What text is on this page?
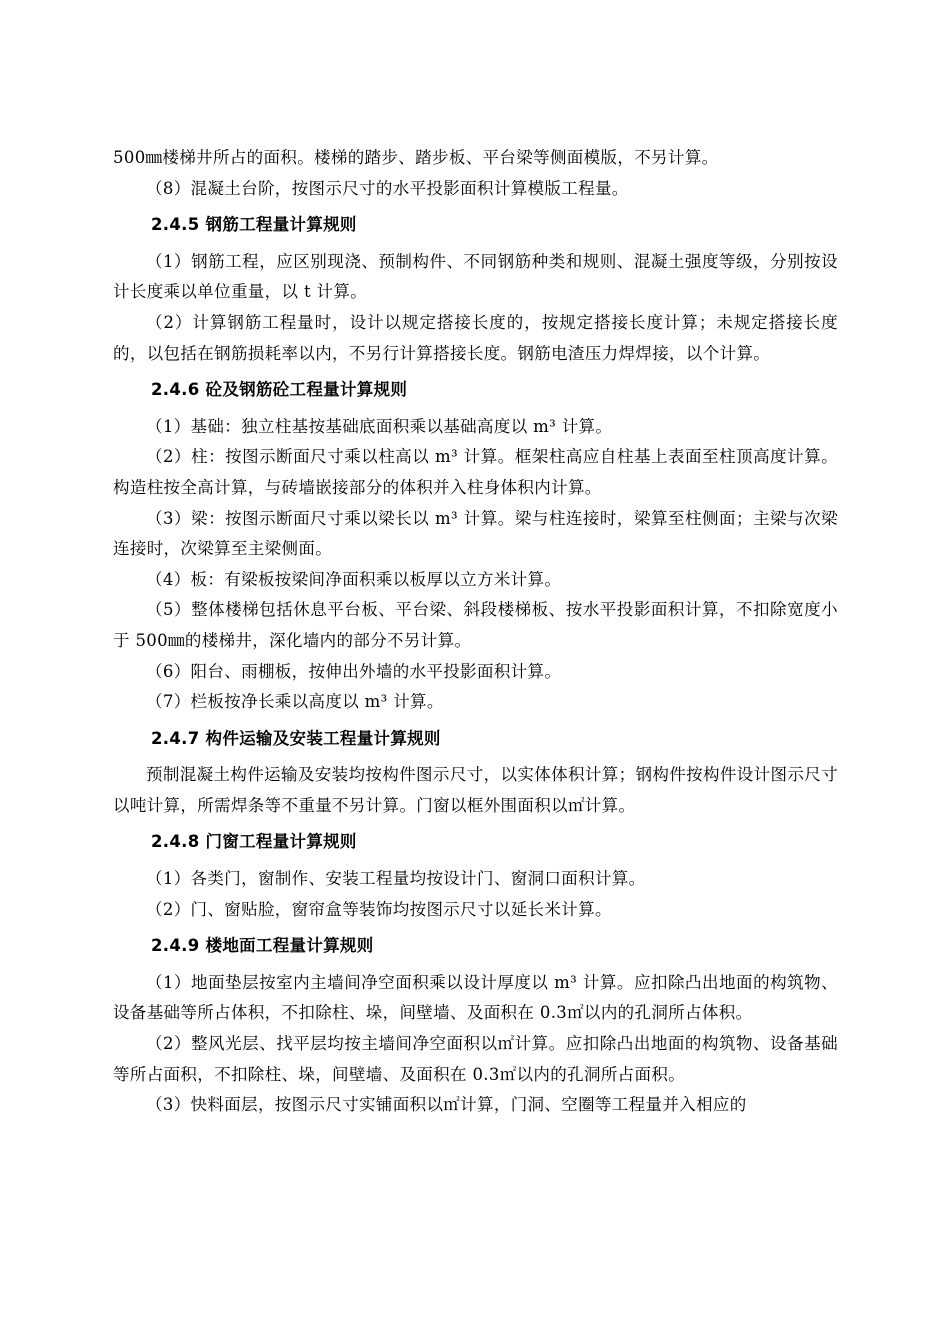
500㎜楼梯井所占的面积。楼梯的踏步、踏步板、平台梁等侧面模版，不另计算。

（8）混凝土台阶，按图示尺寸的水平投影面积计算模版工程量。

2.4.5 钢筋工程量计算规则

（1）钢筋工程，应区别现浇、预制构件、不同钢筋种类和规则、混凝土强度等级，分别按设计长度乘以单位重量，以 t 计算。

（2）计算钢筋工程量时，设计以规定搭接长度的，按规定搭接长度计算；未规定搭接长度的，以包括在钢筋损耗率以内，不另行计算搭接长度。钢筋电渣压力焊焊接，以个计算。

2.4.6 砼及钢筋砼工程量计算规则

（1）基础：独立柱基按基础底面积乘以基础高度以 m³ 计算。

（2）柱：按图示断面尺寸乘以柱高以 m³ 计算。框架柱高应自柱基上表面至柱顶高度计算。构造柱按全高计算，与砖墙嵌接部分的体积并入柱身体积内计算。

（3）梁：按图示断面尺寸乘以梁长以 m³ 计算。梁与柱连接时，梁算至柱侧面；主梁与次梁连接时，次梁算至主梁侧面。

（4）板：有梁板按梁间净面积乘以板厚以立方米计算。

（5）整体楼梯包括休息平台板、平台梁、斜段楼梯板、按水平投影面积计算，不扣除宽度小于 500㎜的楼梯井，深化墙内的部分不另计算。

（6）阳台、雨棚板，按伸出外墙的水平投影面积计算。

（7）栏板按净长乘以高度以 m³ 计算。

2.4.7 构件运输及安装工程量计算规则

预制混凝土构件运输及安装均按构件图示尺寸，以实体体积计算；钢构件按构件设计图示尺寸以吨计算，所需焊条等不重量不另计算。门窗以框外围面积以㎡计算。

2.4.8 门窗工程量计算规则

（1）各类门，窗制作、安装工程量均按设计门、窗洞口面积计算。

（2）门、窗贴脸，窗帘盒等装饰均按图示尺寸以延长米计算。

2.4.9 楼地面工程量计算规则

（1）地面垫层按室内主墙间净空面积乘以设计厚度以 m³ 计算。应扣除凸出地面的构筑物、设备基础等所占体积，不扣除柱、垛，间壁墙、及面积在 0.3㎡以内的孔洞所占体积。

（2）整风光层、找平层均按主墙间净空面积以㎡计算。应扣除凸出地面的构筑物、设备基础等所占面积，不扣除柱、垛，间壁墙、及面积在 0.3㎡以内的孔洞所占面积。

（3）快料面层，按图示尺寸实铺面积以㎡计算，门洞、空圈等工程量并入相应的
